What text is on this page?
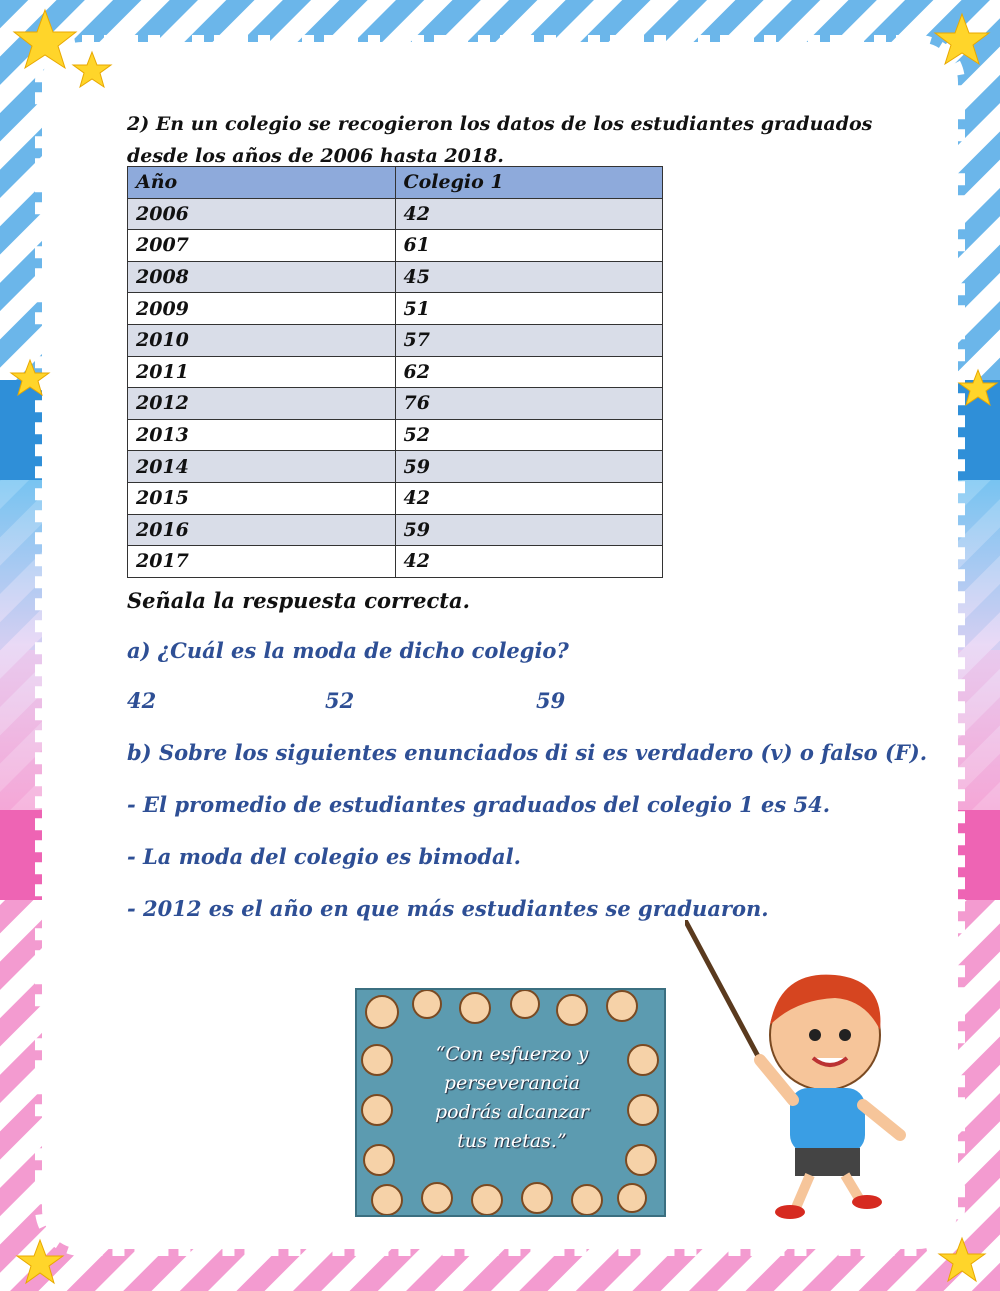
2) En un colegio se recogieron los datos de los estudiantes graduados desde los años de 2006 hasta 2018.
Año	Colegio 1
2006	42
2007	61
2008	45
2009	51
2010	57
2011	62
2012	76
2013	52
2014	59
2015	42
2016	59
2017	42
Señala la respuesta correcta.
a) ¿Cuál es la moda de dicho colegio?
42	52	59
b) Sobre los siguientes enunciados di si es verdadero (v) o falso (F).
- El promedio de estudiantes graduados del colegio 1 es 54.
- La moda del colegio es bimodal.
- 2012 es el año en que más estudiantes se graduaron.
“Con esfuerzo y
perseverancia
podrás alcanzar
tus metas.”
